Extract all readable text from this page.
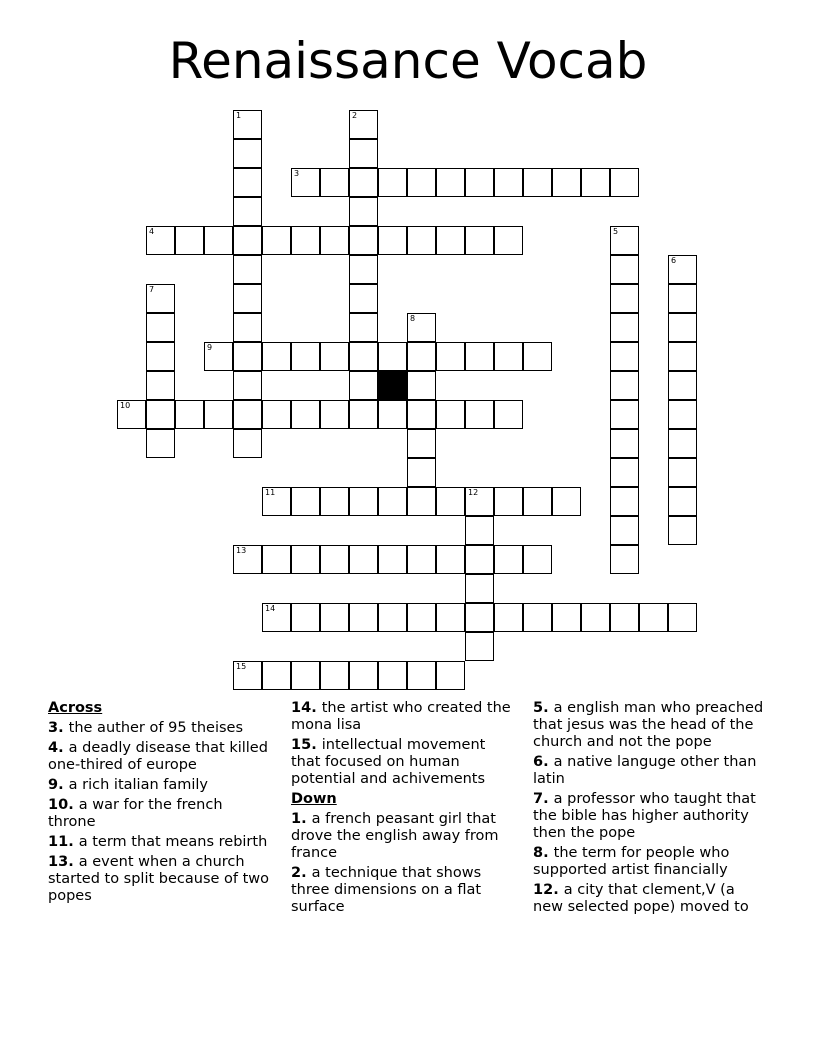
Renaissance Vocab
3
4
9
10
11	12
13
14
15
1	2
5
6
7
8
Across
3. the auther of 95 theises
4. a deadly disease that killed one-thired of europe
9. a rich italian family
10. a war for the french throne
11. a term that means rebirth
13. a event when a church started to split because of two popes
14. the artist who created the mona lisa
15. intellectual movement that focused on human potential and achivements
Down
1. a french peasant girl that drove the english away from france
2. a technique that shows three dimensions on a flat surface
5. a english man who preached that jesus was the head of the church and not the pope
6. a native languge other than latin
7. a professor who taught that the bible has higher authority then the pope
8. the term for people who supported artist financially
12. a city that clement,V (a new selected pope) moved to
